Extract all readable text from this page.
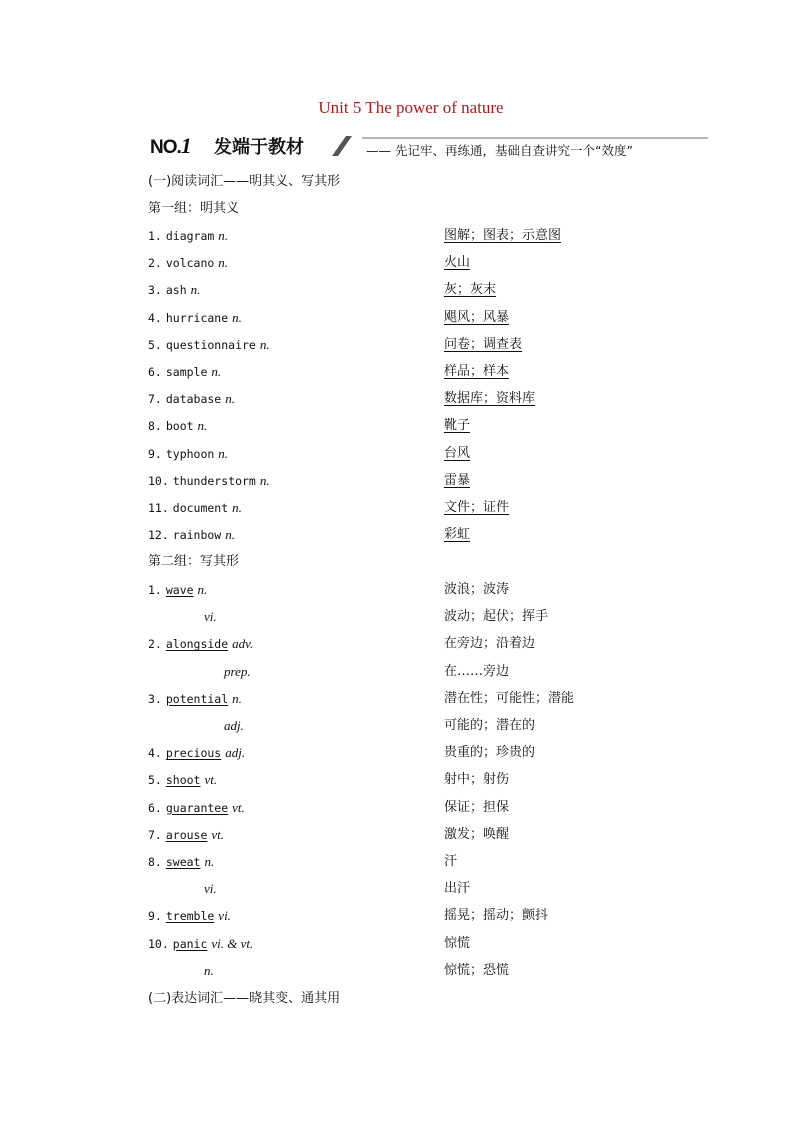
Unit 5 The power of nature
NO.1 发端于教材	—— 先记牢、再练通，基础自查讲究一个“效度”
(一)阅读词汇——明其义、写其形
第一组：明其义
1. diagram n.	图解；图表；示意图
2. volcano n.	火山
3. ash n.	灰；灰末
4. hurricane n.	飓风；风暴
5. questionnaire n.	问卷；调查表
6. sample n.	样品；样本
7. database n.	数据库；资料库
8. boot n.	靴子
9. typhoon n.	台风
10. thunderstorm n.	雷暴
11. document n.	文件；证件
12. rainbow n.	彩虹
第二组：写其形
1. wave n.	波浪；波涛
vi.	波动；起伏；挥手
2. alongside adv.	在旁边；沿着边
prep.	在……旁边
3. potential n.	潜在性；可能性；潜能
adj.	可能的；潜在的
4. precious adj.	贵重的；珍贵的
5. shoot vt.	射中；射伤
6. guarantee vt.	保证；担保
7. arouse vt.	激发；唤醒
8. sweat n.	汗
vi.	出汗
9. tremble vi.	摇晃；摇动；颤抖
10. panic vi. & vt.	惊慌
n.	惊慌；恐慌
(二)表达词汇——晓其变、通其用
